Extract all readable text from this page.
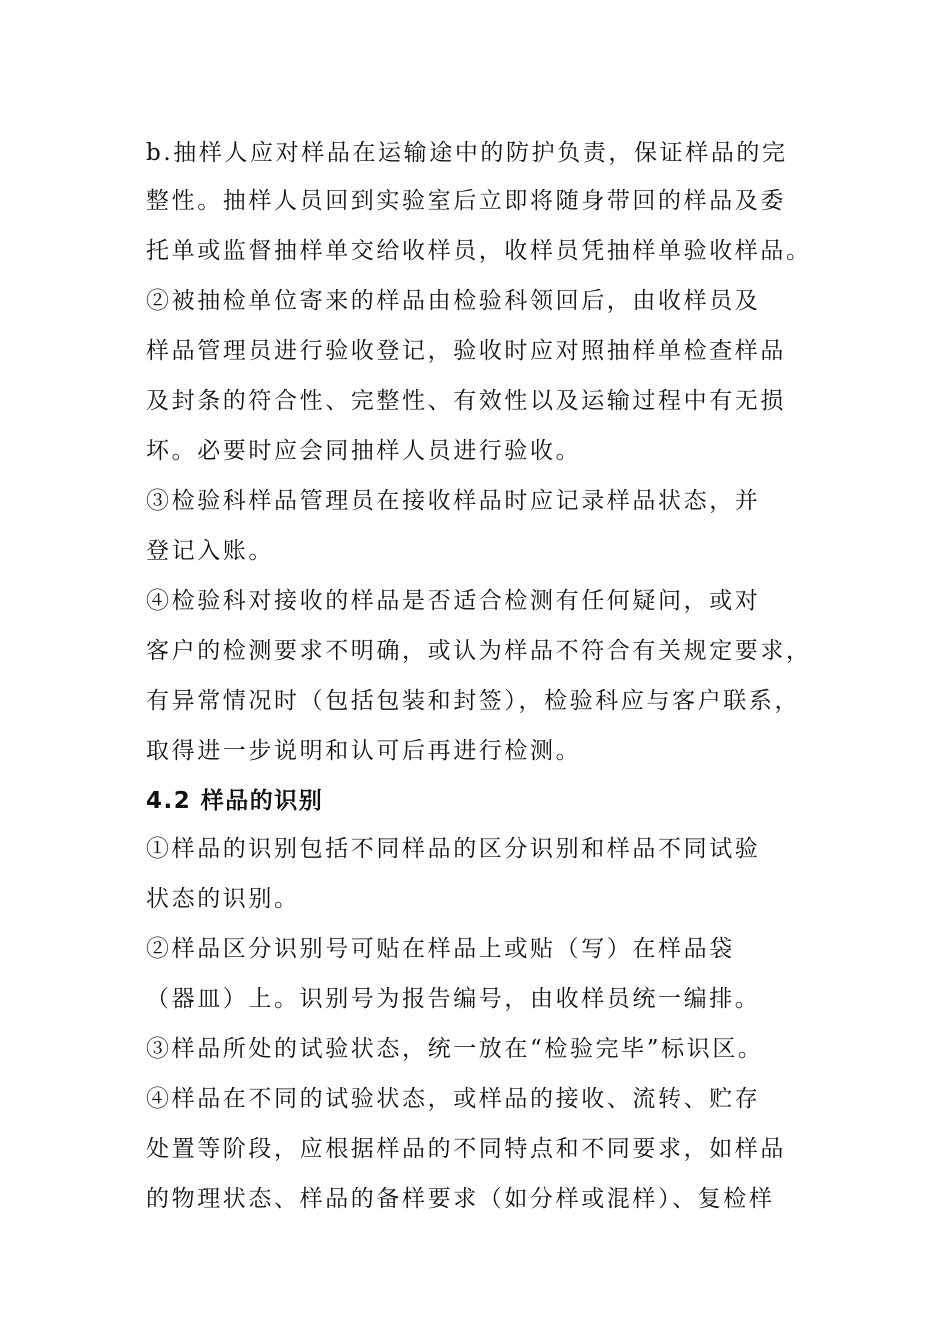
b.抽样人应对样品在运输途中的防护负责，保证样品的完
整性。抽样人员回到实验室后立即将随身带回的样品及委
托单或监督抽样单交给收样员，收样员凭抽样单验收样品。
②被抽检单位寄来的样品由检验科领回后，由收样员及
样品管理员进行验收登记，验收时应对照抽样单检查样品
及封条的符合性、完整性、有效性以及运输过程中有无损
坏。必要时应会同抽样人员进行验收。
③检验科样品管理员在接收样品时应记录样品状态，并
登记入账。
④检验科对接收的样品是否适合检测有任何疑问，或对
客户的检测要求不明确，或认为样品不符合有关规定要求，
有异常情况时（包括包装和封签），检验科应与客户联系，
取得进一步说明和认可后再进行检测。
4.2 样品的识别
①样品的识别包括不同样品的区分识别和样品不同试验
状态的识别。
②样品区分识别号可贴在样品上或贴（写）在样品袋
（器皿）上。识别号为报告编号，由收样员统一编排。
③样品所处的试验状态，统一放在“检验完毕”标识区。
④样品在不同的试验状态，或样品的接收、流转、贮存
处置等阶段，应根据样品的不同特点和不同要求，如样品
的物理状态、样品的备样要求（如分样或混样）、复检样
